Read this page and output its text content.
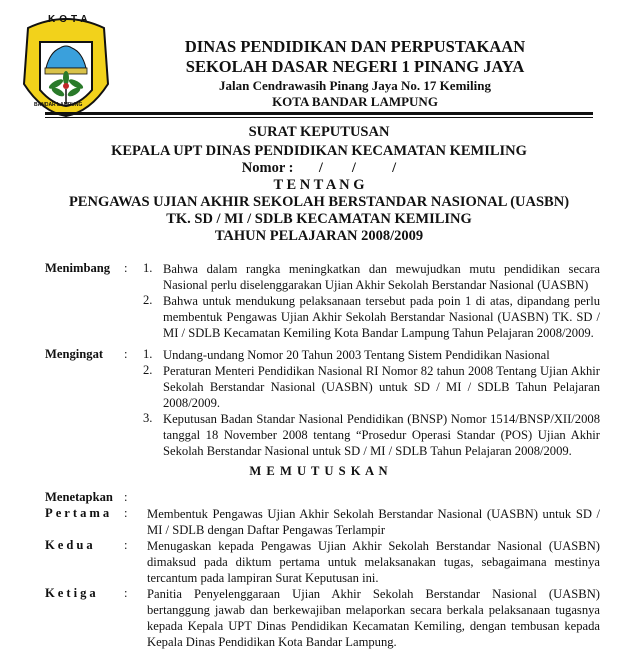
KOTA
BANDAR LAMPUNG
DINAS PENDIDIKAN DAN PERPUSTAKAAN
SEKOLAH DASAR NEGERI 1 PINANG JAYA
Jalan Cendrawasih Pinang Jaya No. 17 Kemiling
KOTA BANDAR LAMPUNG
SURAT KEPUTUSAN
KEPALA UPT DINAS PENDIDIKAN KECAMATAN KEMILING
Nomor :       /        /          /
T E N T A N G
PENGAWAS UJIAN AKHIR SEKOLAH BERSTANDAR NASIONAL (UASBN)
TK. SD / MI / SDLB KECAMATAN KEMILING
TAHUN PELAJARAN 2008/2009
Menimbang : 1. Bahwa dalam rangka meningkatkan dan mewujudkan mutu pendidikan secara Nasional perlu diselenggarakan Ujian Akhir Sekolah Berstandar Nasional (UASBN)
2. Bahwa untuk mendukung pelaksanaan tersebut pada poin 1 di atas, dipandang perlu membentuk Pengawas Ujian Akhir Sekolah Berstandar Nasional (UASBN) TK. SD / MI / SDLB Kecamatan Kemiling Kota Bandar Lampung Tahun Pelajaran 2008/2009.
Mengingat : 1. Undang-undang Nomor 20 Tahun 2003 Tentang Sistem Pendidikan Nasional
2. Peraturan Menteri Pendidikan Nasional RI Nomor 82 tahun 2008 Tentang Ujian Akhir Sekolah Berstandar Nasional (UASBN) untuk SD / MI / SDLB Tahun Pelajaran 2008/2009.
3. Keputusan Badan Standar Nasional Pendidikan (BNSP) Nomor 1514/BNSP/XII/2008 tanggal 18 November 2008 tentang “Prosedur Operasi Standar (POS) Ujian Akhir Sekolah Berstandar Nasional untuk SD / MI / SDLB Tahun Pelajaran 2008/2009.
M E M U T U S K A N
Menetapkan :
Pertama : Membentuk Pengawas Ujian Akhir Sekolah Berstandar Nasional (UASBN) untuk SD / MI / SDLB dengan Daftar Pengawas Terlampir
Kedua : Menugaskan kepada Pengawas Ujian Akhir Sekolah Berstandar Nasional (UASBN) dimaksud pada diktum pertama untuk melaksanakan tugas, sebagaimana mestinya tercantum pada lampiran Surat Keputusan ini.
Ketiga : Panitia Penyelenggaraan Ujian Akhir Sekolah Berstandar Nasional (UASBN) bertanggung jawab dan berkewajiban melaporkan secara berkala pelaksanaan tugasnya kepada Kepala UPT Dinas Pendidikan Kecamatan Kemiling, dengan tembusan kepada Kepala Dinas Pendidikan Kota Bandar Lampung.
